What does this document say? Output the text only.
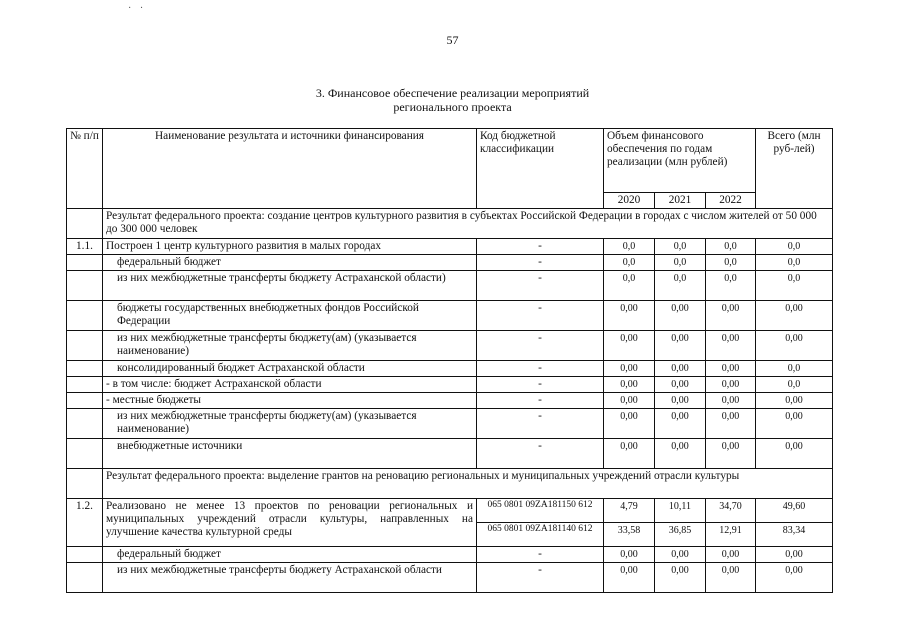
· ·
57
3. Финансовое обеспечение реализации мероприятий
регионального проекта
№ п/п	Наименование результата и источники финансирования	Код бюджетной классификации	Объем финансового обеспечения по годам реализации (млн рублей)			Всего (млн руб-лей)
			2020	2021	2022	
	Результат федерального проекта: создание центров культурного развития в субъектах Российской Федерации в городах с числом жителей от 50 000 до 300 000 человек					
1.1.	Построен 1 центр культурного развития в малых городах	-	0,0	0,0	0,0	0,0
	федеральный бюджет	-	0,0	0,0	0,0	0,0
	из них межбюджетные трансферты бюджету Астраханской области)	-	0,0	0,0	0,0	0,0
	бюджеты государственных внебюджетных фондов Российской Федерации	-	0,00	0,00	0,00	0,00
	из них межбюджетные трансферты бюджету(ам) (указывается наименование)	-	0,00	0,00	0,00	0,00
	консолидированный бюджет Астраханской области	-	0,00	0,00	0,00	0,0
	- в том числе: бюджет Астраханской области	-	0,00	0,00	0,00	0,0
	- местные бюджеты	-	0,00	0,00	0,00	0,00
	из них межбюджетные трансферты бюджету(ам) (указывается наименование)	-	0,00	0,00	0,00	0,00
	внебюджетные источники	-	0,00	0,00	0,00	0,00
	Результат федерального проекта: выделение грантов на реновацию региональных и муниципальных учреждений отрасли культуры					
1.2.	Реализовано не менее 13 проектов по реновации региональных и муниципальных учреждений отрасли культуры, направленных на улучшение качества культурной среды	065 0801 09ZA181150 612	4,79	10,11	34,70	49,60
		065 0801 09ZA181140 612	33,58	36,85	12,91	83,34
	федеральный бюджет	-	0,00	0,00	0,00	0,00
	из них межбюджетные трансферты бюджету Астраханской области	-	0,00	0,00	0,00	0,00
